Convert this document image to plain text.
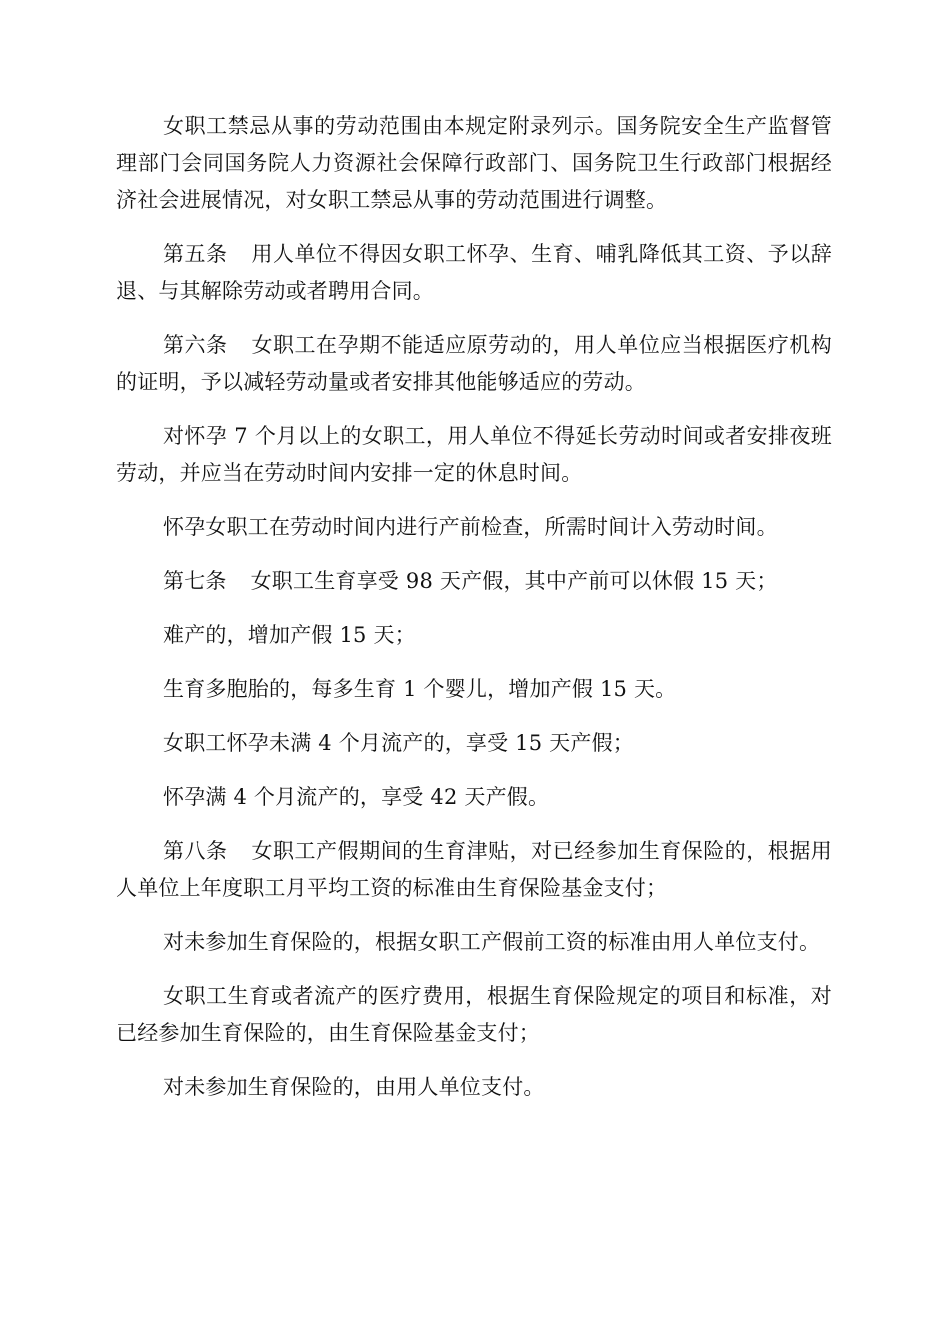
女职工禁忌从事的劳动范围由本规定附录列示。国务院安全生产监督管理部门会同国务院人力资源社会保障行政部门、国务院卫生行政部门根据经济社会进展情况，对女职工禁忌从事的劳动范围进行调整。

第五条 用人单位不得因女职工怀孕、生育、哺乳降低其工资、予以辞退、与其解除劳动或者聘用合同。

第六条 女职工在孕期不能适应原劳动的，用人单位应当根据医疗机构的证明，予以减轻劳动量或者安排其他能够适应的劳动。

对怀孕 7 个月以上的女职工，用人单位不得延长劳动时间或者安排夜班劳动，并应当在劳动时间内安排一定的休息时间。

怀孕女职工在劳动时间内进行产前检查，所需时间计入劳动时间。

第七条 女职工生育享受 98 天产假，其中产前可以休假 15 天；

难产的，增加产假 15 天；

生育多胞胎的，每多生育 1 个婴儿，增加产假 15 天。

女职工怀孕未满 4 个月流产的，享受 15 天产假；

怀孕满 4 个月流产的，享受 42 天产假。

第八条 女职工产假期间的生育津贴，对已经参加生育保险的，根据用人单位上年度职工月平均工资的标准由生育保险基金支付；

对未参加生育保险的，根据女职工产假前工资的标准由用人单位支付。

女职工生育或者流产的医疗费用，根据生育保险规定的项目和标准，对已经参加生育保险的，由生育保险基金支付；

对未参加生育保险的，由用人单位支付。
